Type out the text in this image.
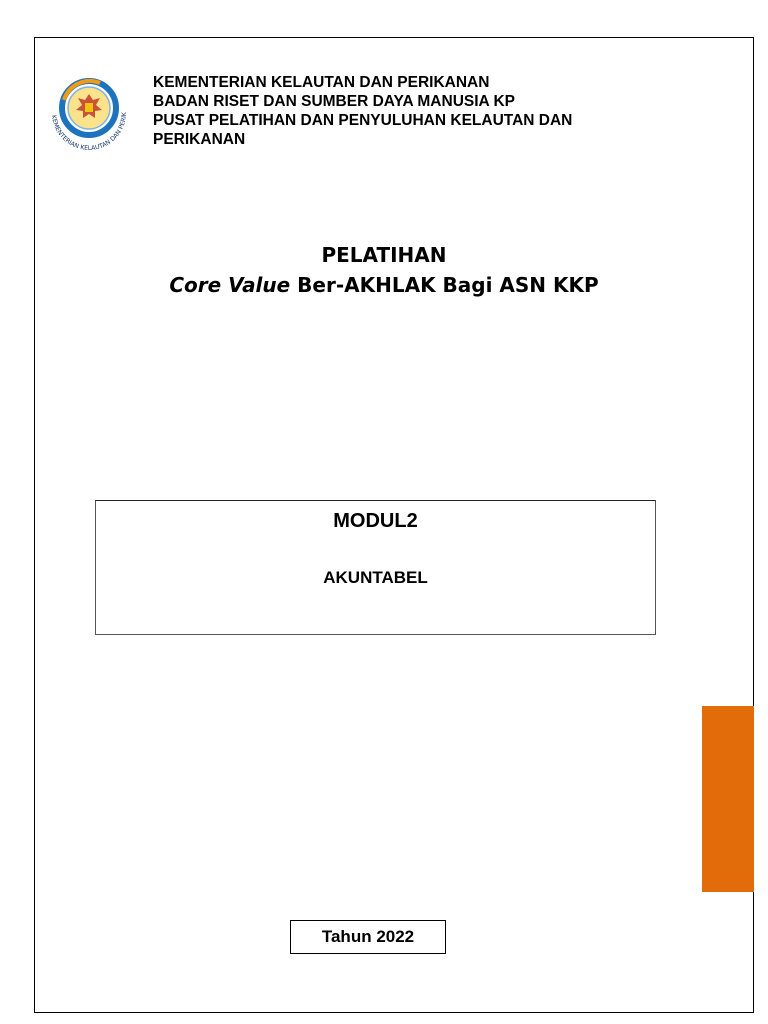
KEMENTERIAN KELAUTAN DAN PERIK
KEMENTERIAN KELAUTAN DAN PERIKANAN
BADAN RISET DAN SUMBER DAYA MANUSIA KP
PUSAT PELATIHAN DAN PENYULUHAN KELAUTAN DAN
PERIKANAN
PELATIHAN
Core Value Ber-AKHLAK Bagi ASN KKP
MODUL2
AKUNTABEL
Tahun 2022
